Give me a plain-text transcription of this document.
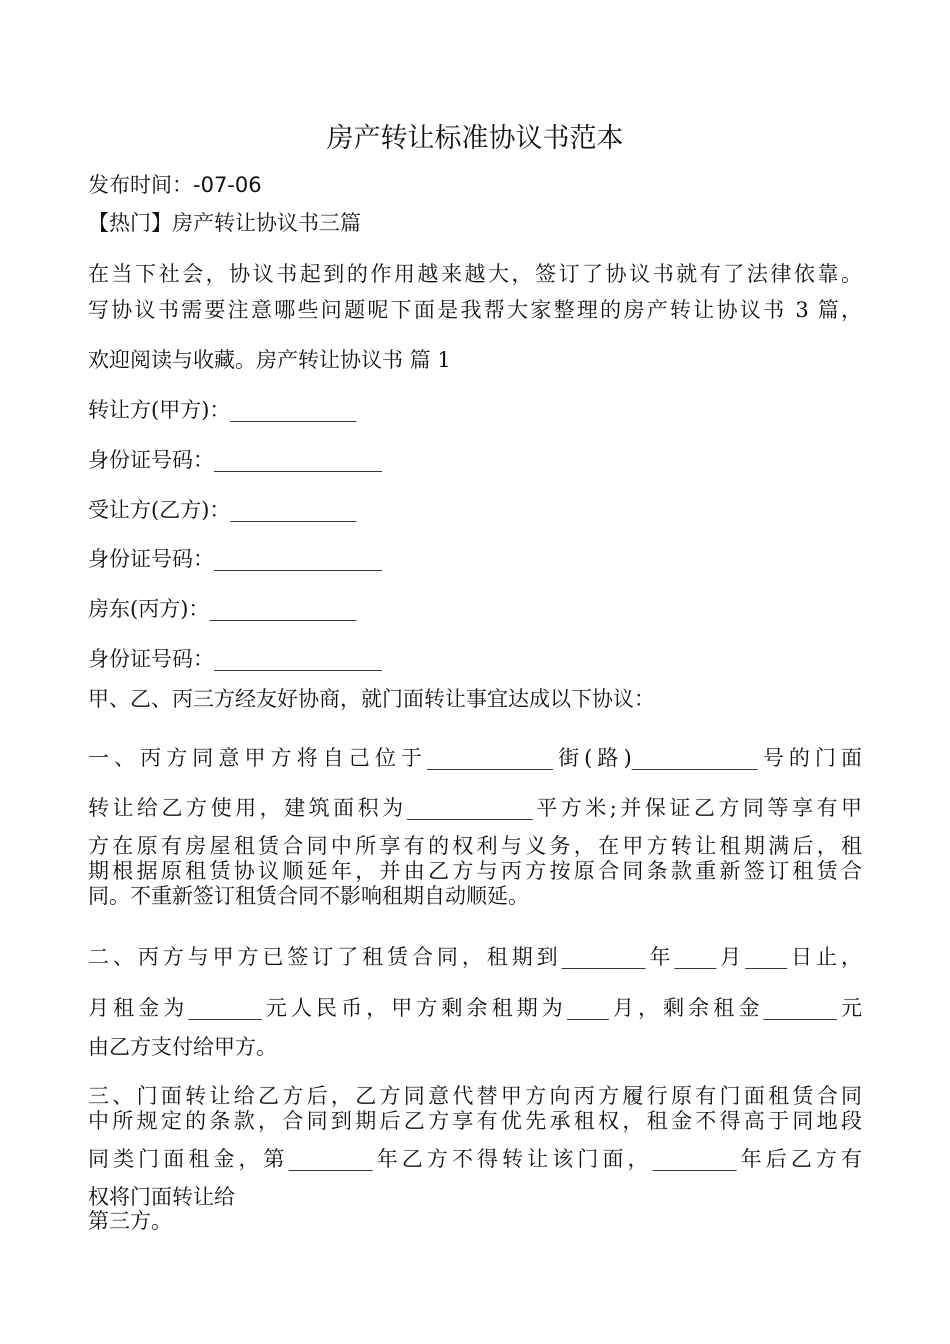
房产转让标准协议书范本
发布时间：-07-06
【热门】房产转让协议书三篇
在当下社会，协议书起到的作用越来越大，签订了协议书就有了法律依靠。
写协议书需要注意哪些问题呢下面是我帮大家整理的房产转让协议书 3 篇，
欢迎阅读与收藏。房产转让协议书 篇 1
转让方(甲方)：____________
身份证号码：________________
受让方(乙方)：____________
身份证号码：________________
房东(丙方)：______________
身份证号码：________________
甲、乙、丙三方经友好协商，就门面转让事宜达成以下协议：
一、丙方同意甲方将自己位于____________街(路)____________号的门面
转让给乙方使用，建筑面积为____________平方米;并保证乙方同等享有甲
方在原有房屋租赁合同中所享有的权利与义务，在甲方转让租期满后，租
期根据原租赁协议顺延年，并由乙方与丙方按原合同条款重新签订租赁合
同。不重新签订租赁合同不影响租期自动顺延。
二、丙方与甲方已签订了租赁合同，租期到________年____月____日止，
月租金为_______元人民币，甲方剩余租期为____月，剩余租金_______元
由乙方支付给甲方。
三、门面转让给乙方后，乙方同意代替甲方向丙方履行原有门面租赁合同
中所规定的条款，合同到期后乙方享有优先承租权，租金不得高于同地段
同类门面租金，第________年乙方不得转让该门面，________年后乙方有
权将门面转让给
第三方。
